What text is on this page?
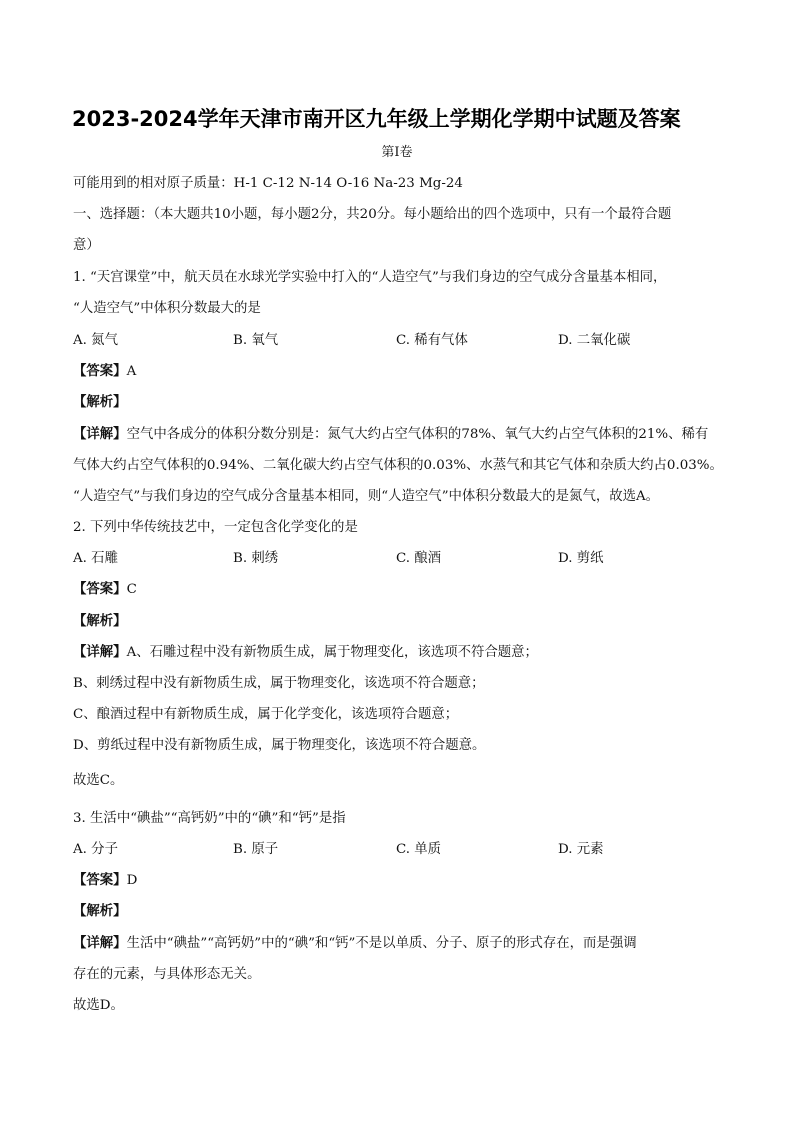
2023-2024学年天津市南开区九年级上学期化学期中试题及答案
第Ⅰ卷
可能用到的相对原子质量：H-1 C-12 N-14 O-16 Na-23 Mg-24
一、选择题：（本大题共10小题，每小题2分，共20分。每小题给出的四个选项中，只有一个最符合题
意）
1. “天宫课堂”中，航天员在水球光学实验中打入的“人造空气”与我们身边的空气成分含量基本相同，
“人造空气”中体积分数最大的是
A. 氮气	B. 氧气	C. 稀有气体	D. 二氧化碳
【答案】A
【解析】
【详解】空气中各成分的体积分数分别是：氮气大约占空气体积的78%、氧气大约占空气体积的21%、稀有
气体大约占空气体积的0.94%、二氧化碳大约占空气体积的0.03%、水蒸气和其它气体和杂质大约占0.03%。
“人造空气”与我们身边的空气成分含量基本相同，则“人造空气”中体积分数最大的是氮气，故选A。
2. 下列中华传统技艺中，一定包含化学变化的是
A. 石雕	B. 刺绣	C. 酿酒	D. 剪纸
【答案】C
【解析】
【详解】A、石雕过程中没有新物质生成，属于物理变化，该选项不符合题意；
B、刺绣过程中没有新物质生成，属于物理变化，该选项不符合题意；
C、酿酒过程中有新物质生成，属于化学变化，该选项符合题意；
D、剪纸过程中没有新物质生成，属于物理变化，该选项不符合题意。
故选C。
3. 生活中“碘盐”“高钙奶”中的“碘”和“钙”是指
A. 分子	B. 原子	C. 单质	D. 元素
【答案】D
【解析】
【详解】生活中“碘盐”“高钙奶”中的“碘”和“钙”不是以单质、分子、原子的形式存在，而是强调
存在的元素，与具体形态无关。
故选D。
